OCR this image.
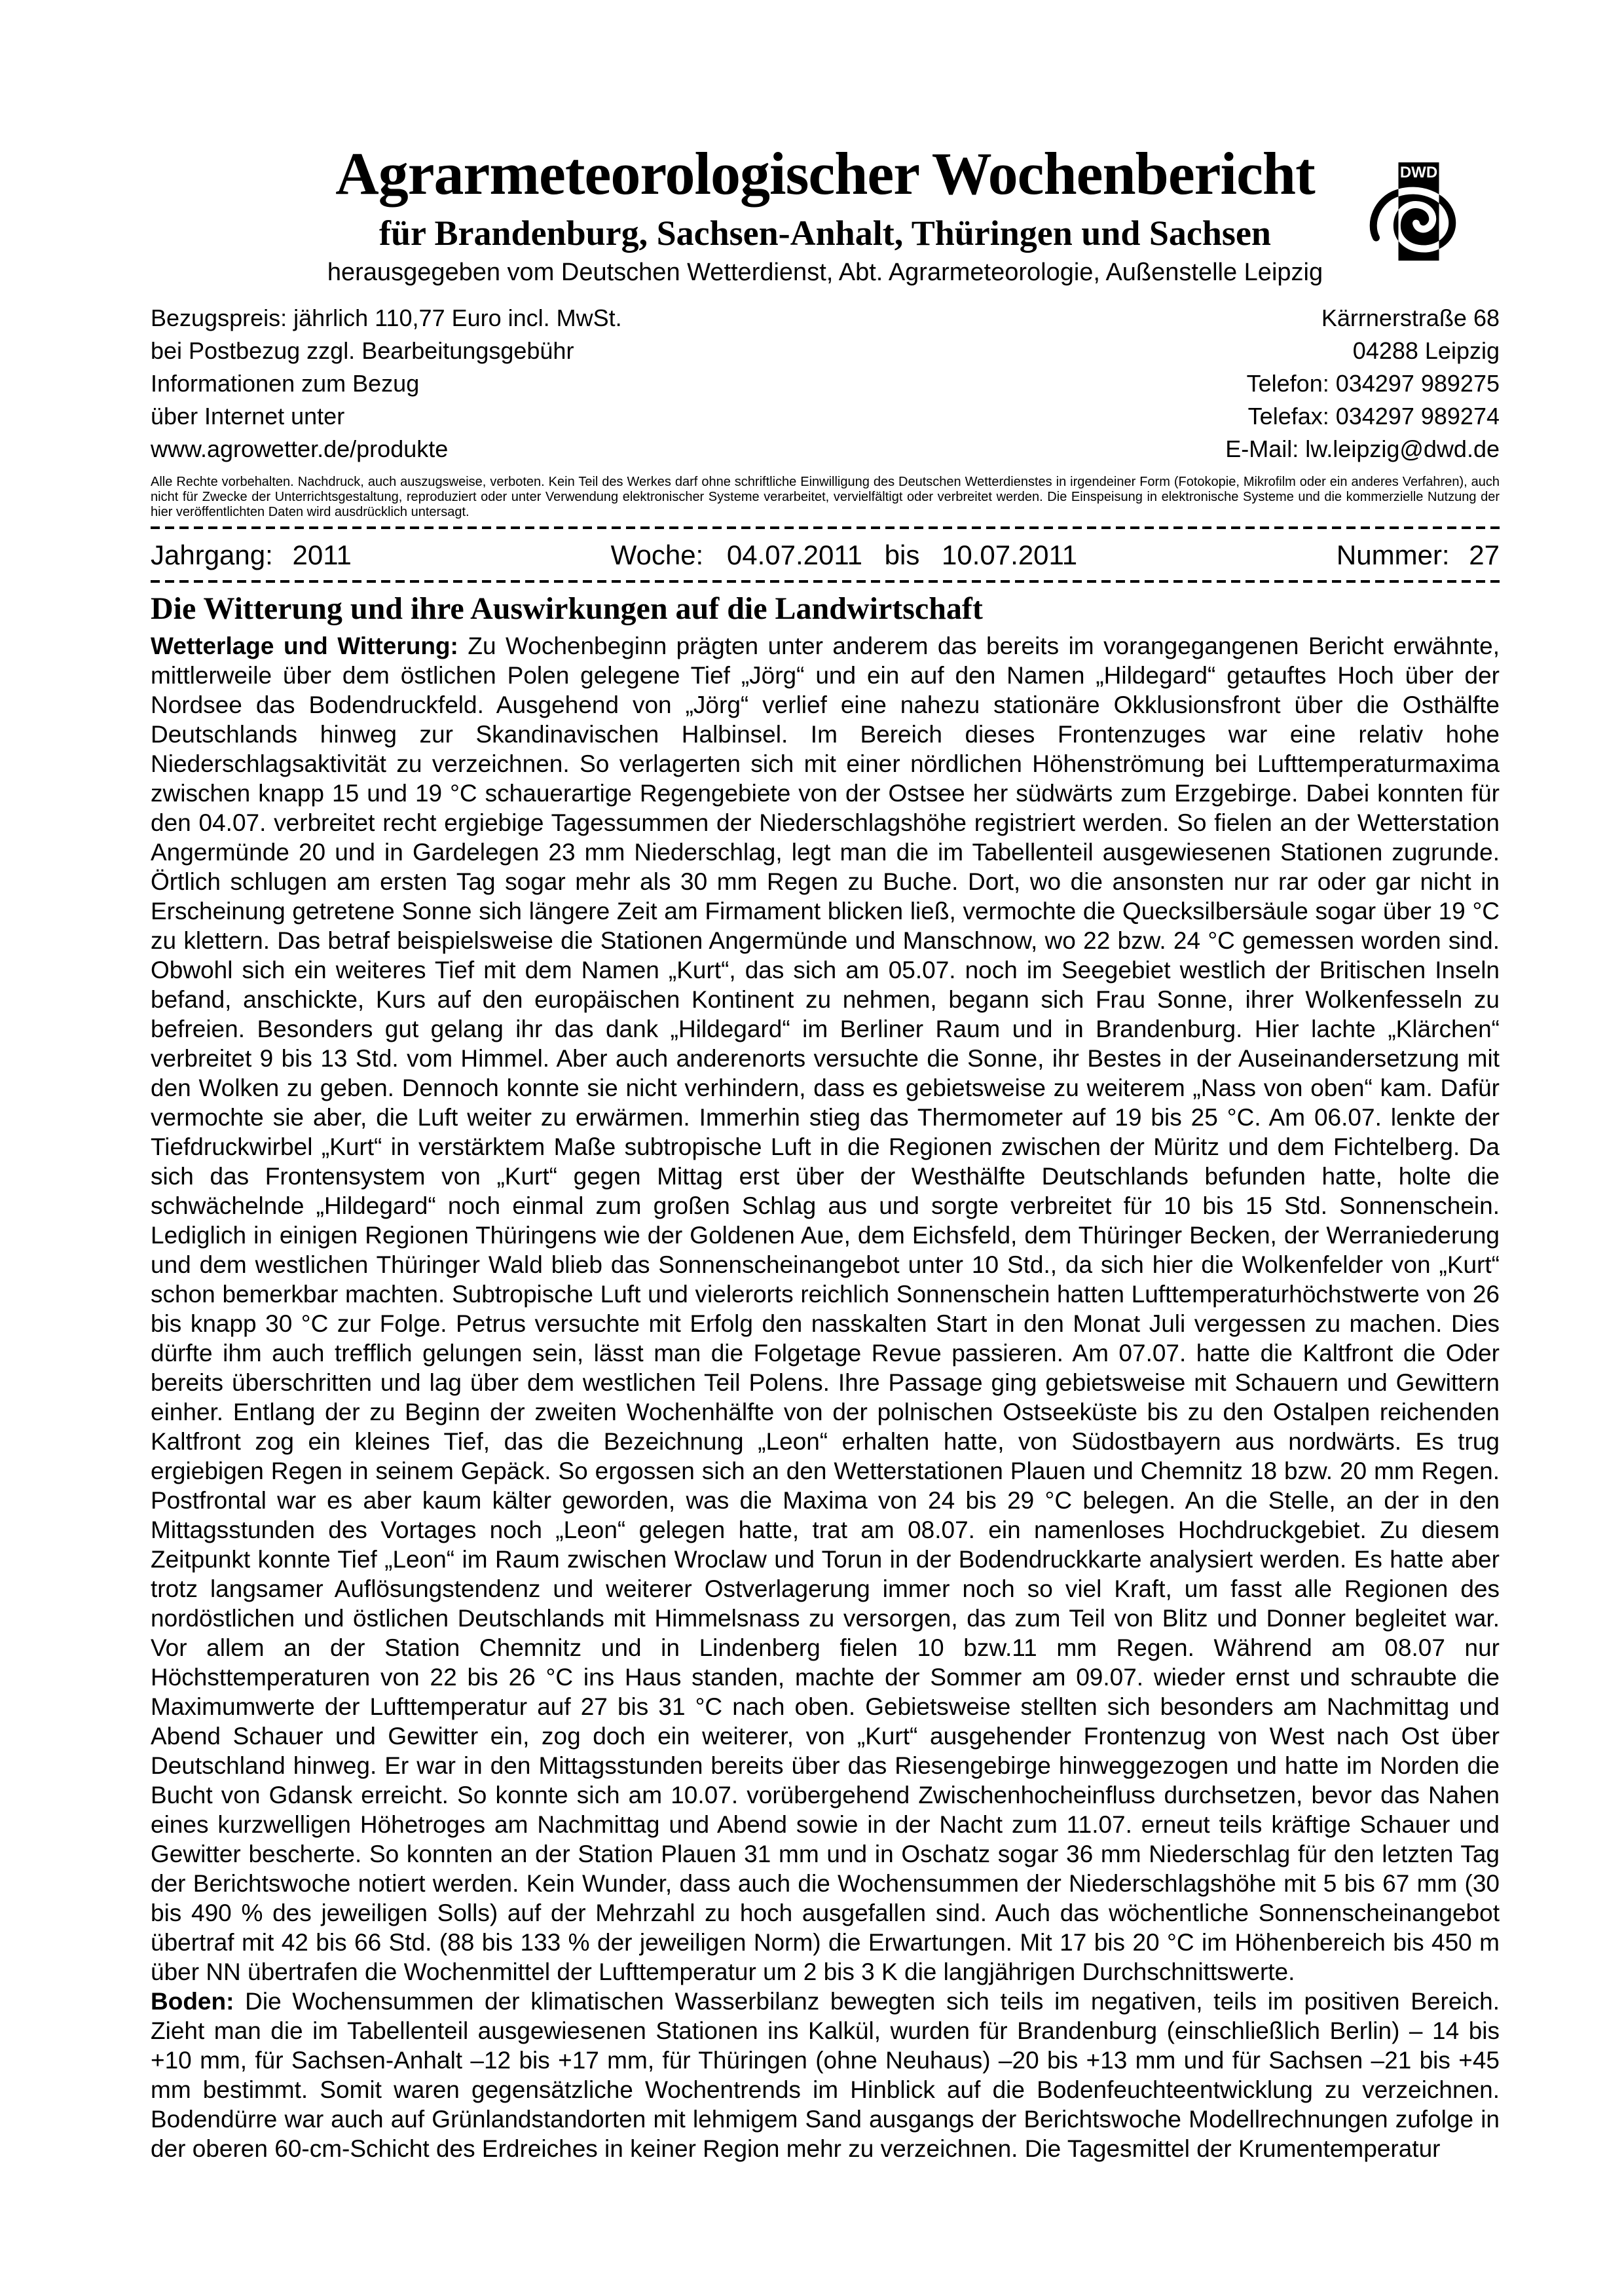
DWD
Agrarmeteorologischer Wochenbericht
für Brandenburg, Sachsen-Anhalt, Thüringen und Sachsen
herausgegeben vom Deutschen Wetterdienst, Abt. Agrarmeteorologie, Außenstelle Leipzig
Bezugspreis: jährlich 110,77 Euro incl. MwSt.
bei Postbezug zzgl. Bearbeitungsgebühr
Informationen zum Bezug
über Internet unter
www.agrowetter.de/produkte
Kärrnerstraße 68
04288 Leipzig
Telefon: 034297 989275
Telefax: 034297 989274
E-Mail: lw.leipzig@dwd.de
Alle Rechte vorbehalten. Nachdruck, auch auszugsweise, verboten. Kein Teil des Werkes darf ohne schriftliche Einwilligung des Deutschen Wetterdienstes in irgendeiner Form (Fotokopie, Mikrofilm oder ein anderes Verfahren), auch nicht für Zwecke der Unterrichtsgestaltung, reproduziert oder unter Verwendung elektronischer Systeme verarbeitet, vervielfältigt oder verbreitet werden. Die Einspeisung in elektronische Systeme und die kommerzielle Nutzung der hier veröffentlichten Daten wird ausdrücklich untersagt.
Jahrgang: 2011	Woche: 04.07.2011 bis 10.07.2011	Nummer: 27
Die Witterung und ihre Auswirkungen auf die Landwirtschaft

Wetterlage und Witterung: Zu Wochenbeginn prägten unter anderem das bereits im vorangegangenen Bericht erwähnte, mittlerweile über dem östlichen Polen gelegene Tief „Jörg“ und ein auf den Namen „Hildegard“ getauftes Hoch über der Nordsee das Bodendruckfeld. Ausgehend von „Jörg“ verlief eine nahezu stationäre Okklusionsfront über die Osthälfte Deutschlands hinweg zur Skandinavischen Halbinsel. Im Bereich dieses Frontenzuges war eine relativ hohe Niederschlagsaktivität zu verzeichnen. So verlagerten sich mit einer nördlichen Höhenströmung bei Lufttemperaturmaxima zwischen knapp 15 und 19 °C schauerartige Regengebiete von der Ostsee her südwärts zum Erzgebirge. Dabei konnten für den 04.07. verbreitet recht ergiebige Tagessummen der Niederschlagshöhe registriert werden. So fielen an der Wetterstation Angermünde 20 und in Gardelegen 23 mm Niederschlag, legt man die im Tabellenteil ausgewiesenen Stationen zugrunde. Örtlich schlugen am ersten Tag sogar mehr als 30 mm Regen zu Buche. Dort, wo die ansonsten nur rar oder gar nicht in Erscheinung getretene Sonne sich längere Zeit am Firmament blicken ließ, vermochte die Quecksilbersäule sogar über 19 °C zu klettern. Das betraf beispielsweise die Stationen Angermünde und Manschnow, wo 22 bzw. 24 °C gemessen worden sind. Obwohl sich ein weiteres Tief mit dem Namen „Kurt“, das sich am 05.07. noch im Seegebiet westlich der Britischen Inseln befand, anschickte, Kurs auf den europäischen Kontinent zu nehmen, begann sich Frau Sonne, ihrer Wolkenfesseln zu befreien. Besonders gut gelang ihr das dank „Hildegard“ im Berliner Raum und in Brandenburg. Hier lachte „Klärchen“ verbreitet 9 bis 13 Std. vom Himmel. Aber auch anderenorts versuchte die Sonne, ihr Bestes in der Auseinandersetzung mit den Wolken zu geben. Dennoch konnte sie nicht verhindern, dass es gebietsweise zu weiterem „Nass von oben“ kam. Dafür vermochte sie aber, die Luft weiter zu erwärmen. Immerhin stieg das Thermometer auf 19 bis 25 °C. Am 06.07. lenkte der Tiefdruckwirbel „Kurt“ in verstärktem Maße subtropische Luft in die Regionen zwischen der Müritz und dem Fichtelberg. Da sich das Frontensystem von „Kurt“ gegen Mittag erst über der Westhälfte Deutschlands befunden hatte, holte die schwächelnde „Hildegard“ noch einmal zum großen Schlag aus und sorgte verbreitet für 10 bis 15 Std. Sonnenschein. Lediglich in einigen Regionen Thüringens wie der Goldenen Aue, dem Eichsfeld, dem Thüringer Becken, der Werraniederung und dem westlichen Thüringer Wald blieb das Sonnenscheinangebot unter 10 Std., da sich hier die Wolkenfelder von „Kurt“ schon bemerkbar machten. Subtropische Luft und vielerorts reichlich Sonnenschein hatten Lufttemperaturhöchstwerte von 26 bis knapp 30 °C zur Folge. Petrus versuchte mit Erfolg den nasskalten Start in den Monat Juli vergessen zu machen. Dies dürfte ihm auch trefflich gelungen sein, lässt man die Folgetage Revue passieren. Am 07.07. hatte die Kaltfront die Oder bereits überschritten und lag über dem westlichen Teil Polens. Ihre Passage ging gebietsweise mit Schauern und Gewittern einher. Entlang der zu Beginn der zweiten Wochenhälfte von der polnischen Ostseeküste bis zu den Ostalpen reichenden Kaltfront zog ein kleines Tief, das die Bezeichnung „Leon“ erhalten hatte, von Südostbayern aus nordwärts. Es trug ergiebigen Regen in seinem Gepäck. So ergossen sich an den Wetterstationen Plauen und Chemnitz 18 bzw. 20 mm Regen. Postfrontal war es aber kaum kälter geworden, was die Maxima von 24 bis 29 °C belegen. An die Stelle, an der in den Mittagsstunden des Vortages noch „Leon“ gelegen hatte, trat am 08.07. ein namenloses Hochdruckgebiet. Zu diesem Zeitpunkt konnte Tief „Leon“ im Raum zwischen Wroclaw und Torun in der Bodendruckkarte analysiert werden. Es hatte aber trotz langsamer Auflösungstendenz und weiterer Ostverlagerung immer noch so viel Kraft, um fasst alle Regionen des nordöstlichen und östlichen Deutschlands mit Himmelsnass zu versorgen, das zum Teil von Blitz und Donner begleitet war. Vor allem an der Station Chemnitz und in Lindenberg fielen 10 bzw.11 mm Regen. Während am 08.07 nur Höchsttemperaturen von 22 bis 26 °C ins Haus standen, machte der Sommer am 09.07. wieder ernst und schraubte die Maximumwerte der Lufttemperatur auf 27 bis 31 °C nach oben. Gebietsweise stellten sich besonders am Nachmittag und Abend Schauer und Gewitter ein, zog doch ein weiterer, von „Kurt“ ausgehender Frontenzug von West nach Ost über Deutschland hinweg. Er war in den Mittagsstunden bereits über das Riesengebirge hinweggezogen und hatte im Norden die Bucht von Gdansk erreicht. So konnte sich am 10.07. vorübergehend Zwischenhocheinfluss durchsetzen, bevor das Nahen eines kurzwelligen Höhetroges am Nachmittag und Abend sowie in der Nacht zum 11.07. erneut teils kräftige Schauer und Gewitter bescherte. So konnten an der Station Plauen 31 mm und in Oschatz sogar 36 mm Niederschlag für den letzten Tag der Berichtswoche notiert werden. Kein Wunder, dass auch die Wochensummen der Niederschlagshöhe mit 5 bis 67 mm (30 bis 490 % des jeweiligen Solls) auf der Mehrzahl zu hoch ausgefallen sind. Auch das wöchentliche Sonnenscheinangebot übertraf mit 42 bis 66 Std. (88 bis 133 % der jeweiligen Norm) die Erwartungen. Mit 17 bis 20 °C im Höhenbereich bis 450 m über NN übertrafen die Wochenmittel der Lufttemperatur um 2 bis 3 K die langjährigen Durchschnittswerte.

Boden: Die Wochensummen der klimatischen Wasserbilanz bewegten sich teils im negativen, teils im positiven Bereich. Zieht man die im Tabellenteil ausgewiesenen Stationen ins Kalkül, wurden für Brandenburg (einschließlich Berlin) – 14 bis +10 mm, für Sachsen-Anhalt –12 bis +17 mm, für Thüringen (ohne Neuhaus) –20 bis +13 mm und für Sachsen –21 bis +45 mm bestimmt. Somit waren gegensätzliche Wochentrends im Hinblick auf die Bodenfeuchteentwicklung zu verzeichnen. Bodendürre war auch auf Grünlandstandorten mit lehmigem Sand ausgangs der Berichtswoche Modellrechnungen zufolge in der oberen 60-cm-Schicht des Erdreiches in keiner Region mehr zu verzeichnen. Die Tagesmittel der Krumentemperatur
